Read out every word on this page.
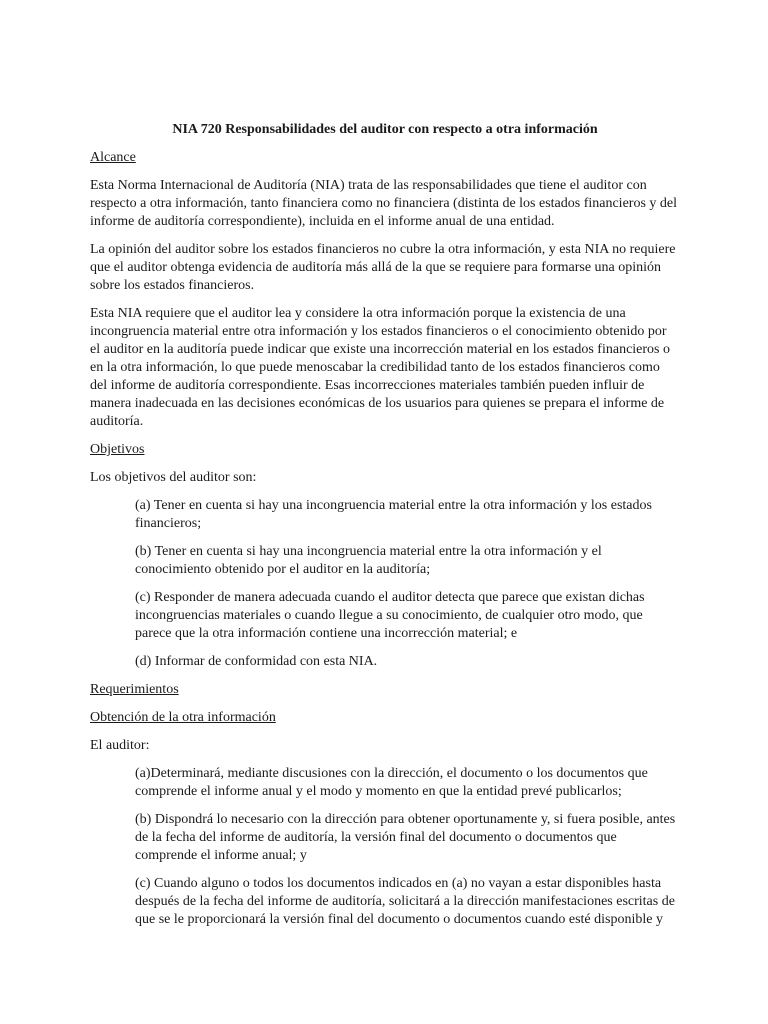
NIA 720 Responsabilidades del auditor con respecto a otra información

Alcance

Esta Norma Internacional de Auditoría (NIA) trata de las responsabilidades que tiene el auditor con respecto a otra información, tanto financiera como no financiera (distinta de los estados financieros y del informe de auditoría correspondiente), incluida en el informe anual de una entidad.

La opinión del auditor sobre los estados financieros no cubre la otra información, y esta NIA no requiere que el auditor obtenga evidencia de auditoría más allá de la que se requiere para formarse una opinión sobre los estados financieros.

Esta NIA requiere que el auditor lea y considere la otra información porque la existencia de una incongruencia material entre otra información y los estados financieros o el conocimiento obtenido por el auditor en la auditoría puede indicar que existe una incorrección material en los estados financieros o en la otra información, lo que puede menoscabar la credibilidad tanto de los estados financieros como del informe de auditoría correspondiente. Esas incorrecciones materiales también pueden influir de manera inadecuada en las decisiones económicas de los usuarios para quienes se prepara el informe de auditoría.

Objetivos

Los objetivos del auditor son:

(a) Tener en cuenta si hay una incongruencia material entre la otra información y los estados financieros;

(b) Tener en cuenta si hay una incongruencia material entre la otra información y el conocimiento obtenido por el auditor en la auditoría;

(c) Responder de manera adecuada cuando el auditor detecta que parece que existan dichas incongruencias materiales o cuando llegue a su conocimiento, de cualquier otro modo, que parece que la otra información contiene una incorrección material; e

(d) Informar de conformidad con esta NIA.

Requerimientos

Obtención de la otra información

El auditor:

(a)Determinará, mediante discusiones con la dirección, el documento o los documentos que comprende el informe anual y el modo y momento en que la entidad prevé publicarlos;

(b) Dispondrá lo necesario con la dirección para obtener oportunamente y, si fuera posible, antes de la fecha del informe de auditoría, la versión final del documento o documentos que comprende el informe anual; y

(c) Cuando alguno o todos los documentos indicados en (a) no vayan a estar disponibles hasta después de la fecha del informe de auditoría, solicitará a la dirección manifestaciones escritas de que se le proporcionará la versión final del documento o documentos cuando esté disponible y
